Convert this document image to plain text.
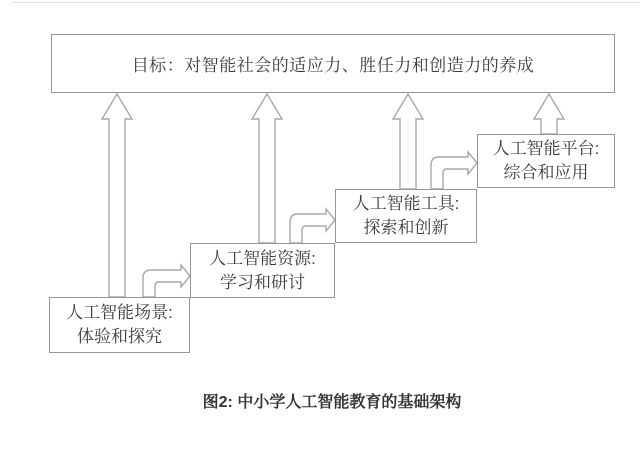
目标：对智能社会的适应力、胜任力和创造力的养成
人工智能场景:
体验和探究
人工智能资源:
学习和研讨
人工智能工具:
探索和创新
人工智能平台:
综合和应用
图2: 中小学人工智能教育的基础架构
